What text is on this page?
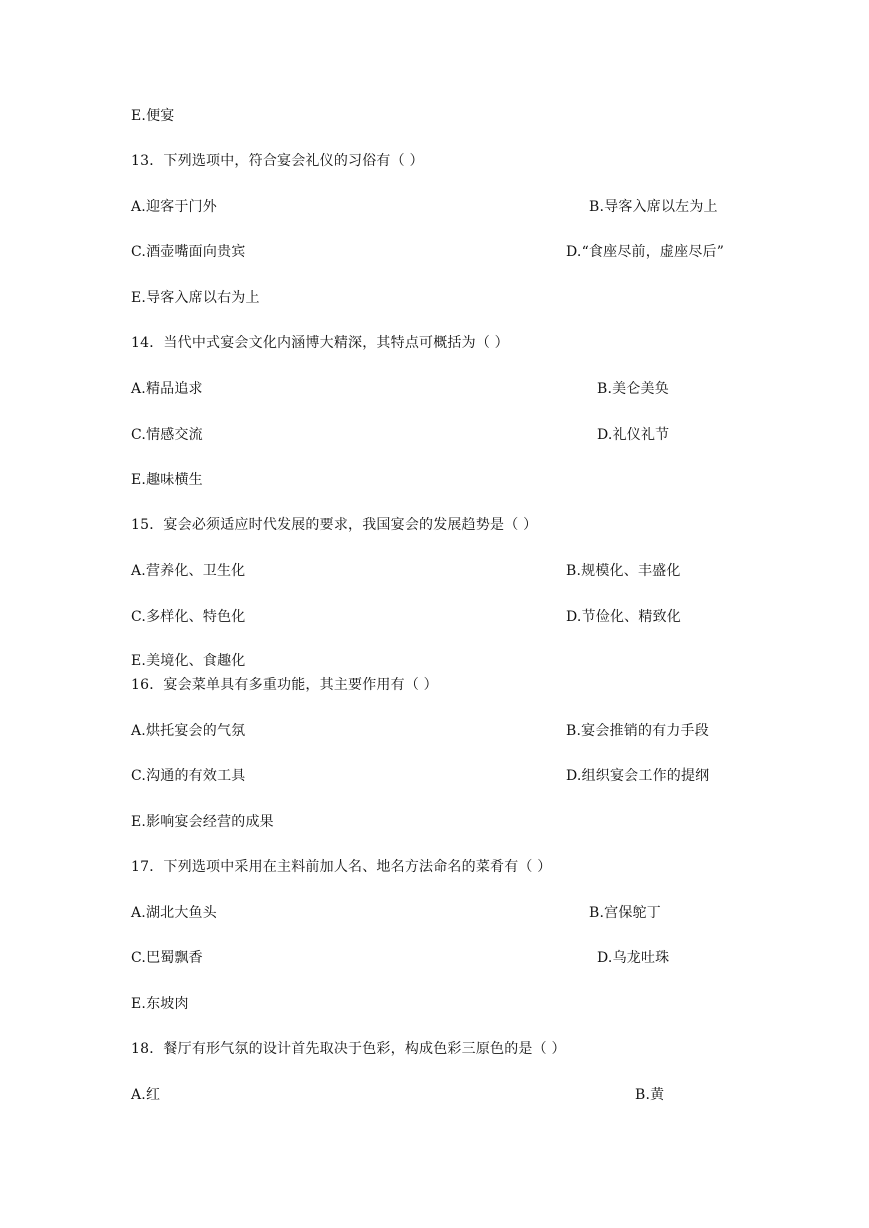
E.便宴
13．下列选项中，符合宴会礼仪的习俗有（ ）
A.迎客于门外	B.导客入席以左为上
C.酒壶嘴面向贵宾	D.“食座尽前，虚座尽后”
E.导客入席以右为上
14．当代中式宴会文化内涵博大精深，其特点可概括为（ ）
A.精品追求	B.美仑美奂
C.情感交流	D.礼仪礼节
E.趣味横生
15．宴会必须适应时代发展的要求，我国宴会的发展趋势是（ ）
A.营养化、卫生化	B.规模化、丰盛化
C.多样化、特色化	D.节俭化、精致化
E.美境化、食趣化
16．宴会菜单具有多重功能，其主要作用有（ ）
A.烘托宴会的气氛	B.宴会推销的有力手段
C.沟通的有效工具	D.组织宴会工作的提纲
E.影响宴会经营的成果
17．下列选项中采用在主料前加人名、地名方法命名的菜肴有（ ）
A.湖北大鱼头	B.宫保鸵丁
C.巴蜀飘香	D.乌龙吐珠
E.东坡肉
18．餐厅有形气氛的设计首先取决于色彩，构成色彩三原色的是（ ）
A.红	B.黄
